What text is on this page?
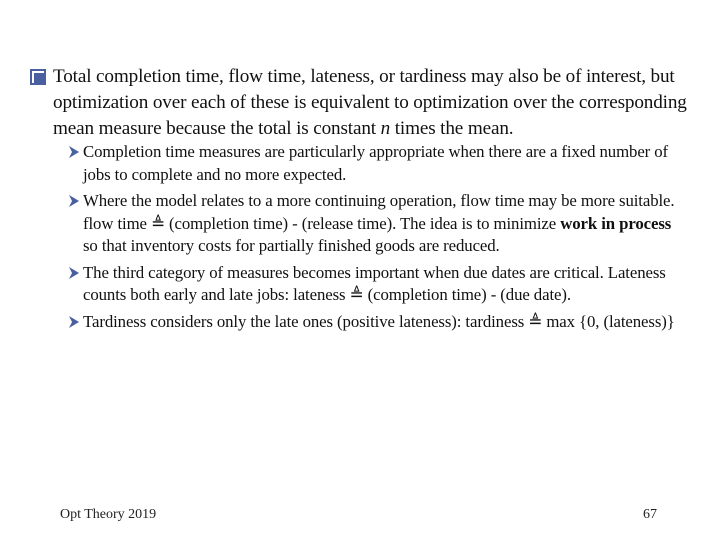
Total completion time, flow time, lateness, or tardiness may also be of interest, but optimization over each of these is equivalent to optimization over the corresponding mean measure because the total is constant n times the mean.
Completion time measures are particularly appropriate when there are a fixed number of jobs to complete and no more expected.
Where the model relates to a more continuing operation, flow time may be more suitable. flow time ≜ (completion time) - (release time). The idea is to minimize work in process so that inventory costs for partially finished goods are reduced.
The third category of measures becomes important when due dates are critical. Lateness counts both early and late jobs: lateness ≜ (completion time) - (due date).
Tardiness considers only the late ones (positive lateness): tardiness ≜ max {0, (lateness)}
Opt Theory 2019	67
